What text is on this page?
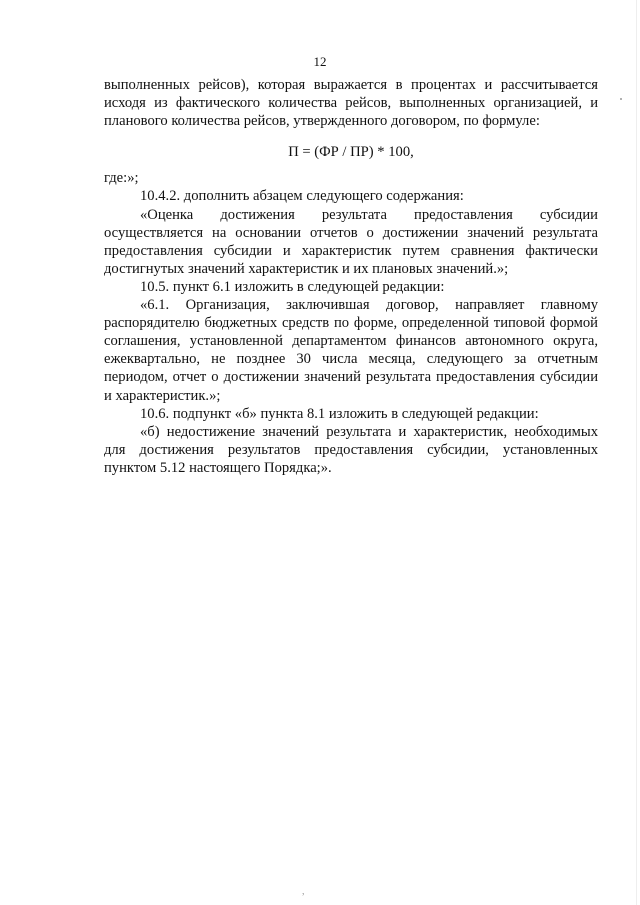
12

выполненных рейсов), которая выражается в процентах и рассчитывается исходя из фактического количества рейсов, выполненных организацией, и планового количества рейсов, утвержденного договором, по формуле:

П = (ФР / ПР) * 100,

где:»;

10.4.2. дополнить абзацем следующего содержания:

«Оценка достижения результата предоставления субсидии осуществляется на основании отчетов о достижении значений результата предоставления субсидии и характеристик путем сравнения фактически достигнутых значений характеристик и их плановых значений.»;

10.5. пункт 6.1 изложить в следующей редакции:

«6.1. Организация, заключившая договор, направляет главному распорядителю бюджетных средств по форме, определенной типовой формой соглашения, установленной департаментом финансов автономного округа, ежеквартально, не позднее 30 числа месяца, следующего за отчетным периодом, отчет о достижении значений результата предоставления субсидии и характеристик.»;

10.6. подпункт «б» пункта 8.1 изложить в следующей редакции:

«б) недостижение значений результата и характеристик, необходимых для достижения результатов предоставления субсидии, установленных пунктом 5.12 настоящего Порядка;».

,
